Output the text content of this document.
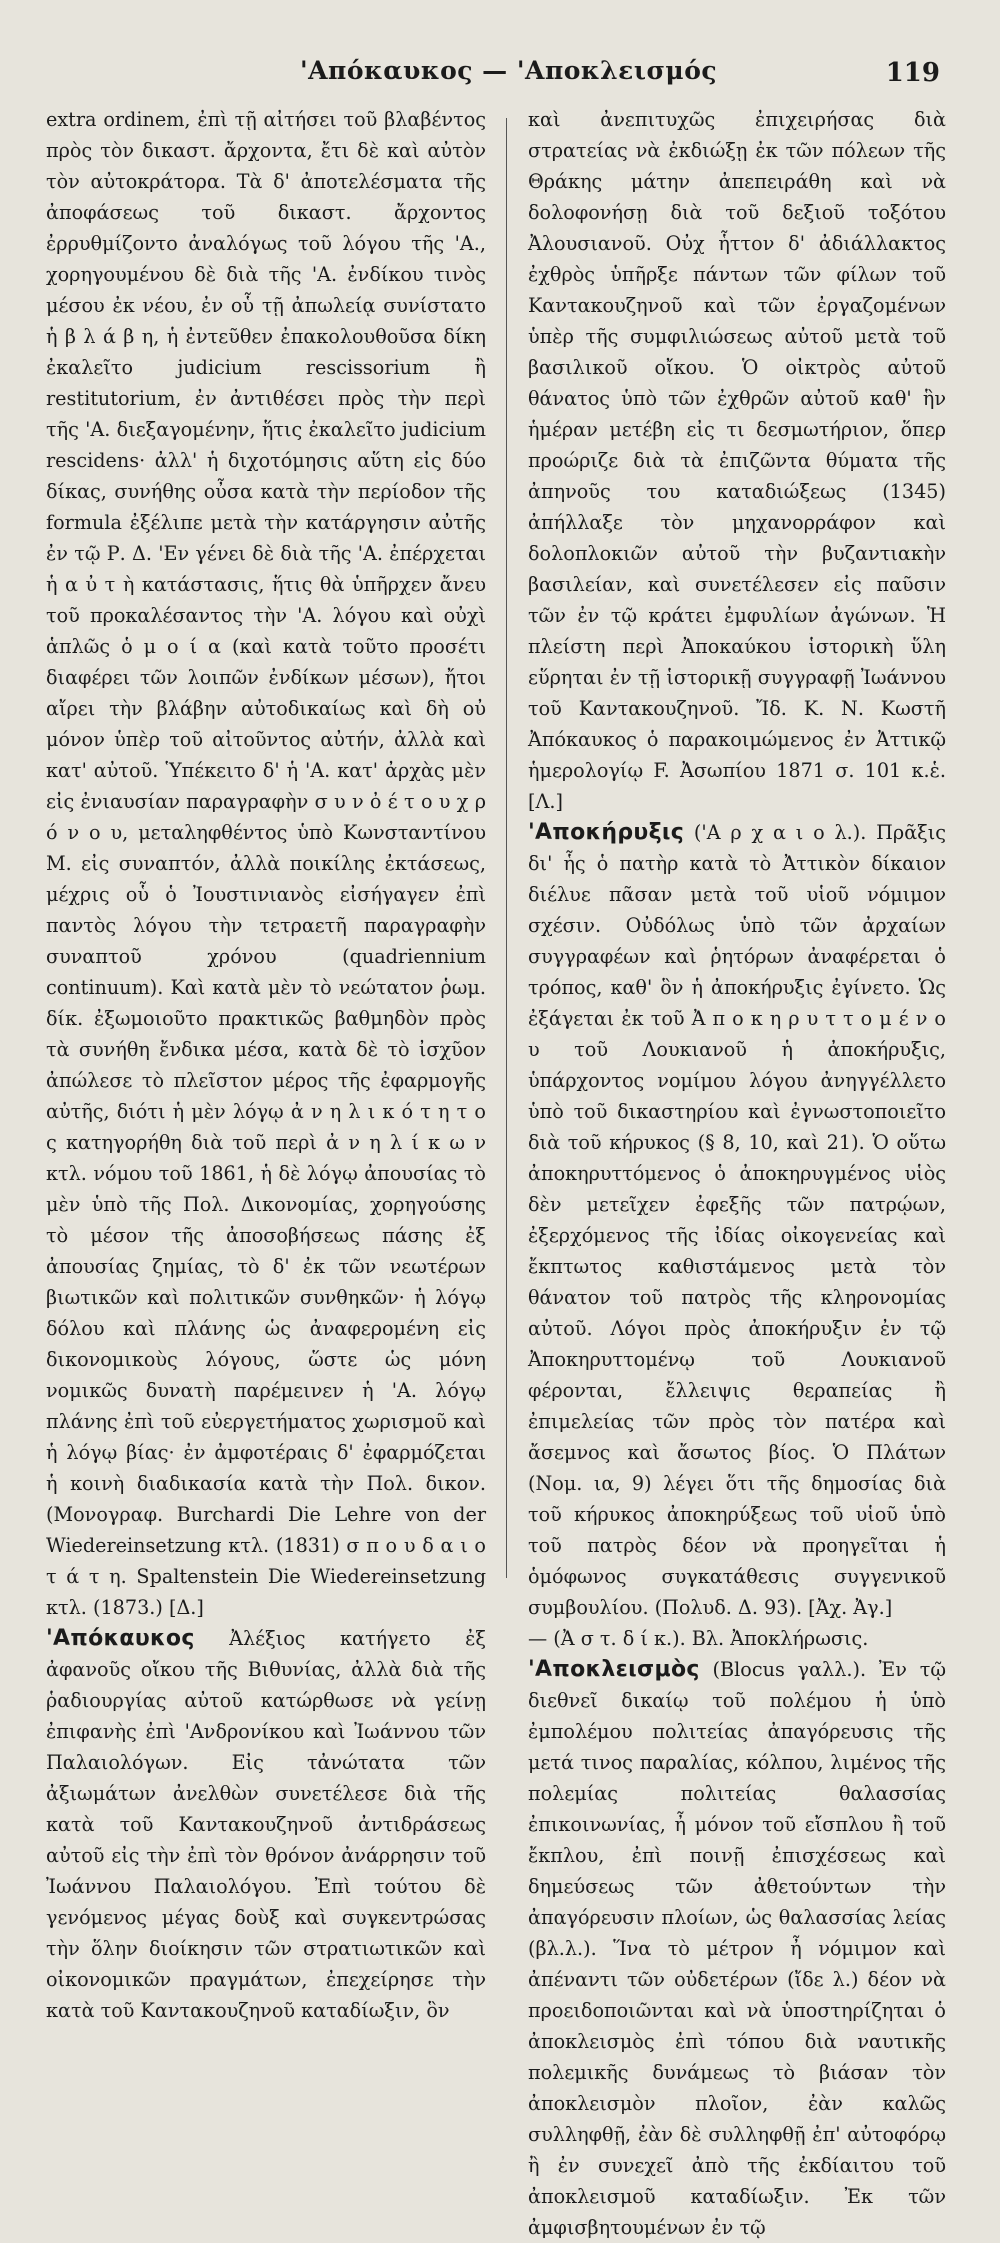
'Απόκαυκος — 'Αποκλεισμός	119

extra ordinem, ἐπὶ τῇ αἰτήσει τοῦ βλαβέντος πρὸς τὸν δικαστ. ἄρχοντα, ἔτι δὲ καὶ αὐτὸν τὸν αὐτοκράτορα. Τὰ δ' ἀποτελέσματα τῆς ἀποφάσεως τοῦ δικαστ. ἄρχοντος ἐρρυθμίζοντο ἀναλόγως τοῦ λόγου τῆς 'Α., χορηγουμένου δὲ διὰ τῆς 'Α. ἐνδίκου τινὸς μέσου ἐκ νέου, ἐν οὗ τῇ ἀπωλείᾳ συνίστατο ἡ β λ ά β η, ἡ ἐντεῦθεν ἐπακολουθοῦσα δίκη ἐκαλεῖτο judicium rescissorium ἢ restitutorium, ἐν ἀντιθέσει πρὸς τὴν περὶ τῆς 'Α. διεξαγομένην, ἥτις ἐκαλεῖτο judicium rescidens· ἀλλ' ἡ διχοτόμησις αὕτη εἰς δύο δίκας, συνήθης οὖσα κατὰ τὴν περίοδον τῆς formula ἐξέλιπε μετὰ τὴν κατάργησιν αὐτῆς ἐν τῷ Ρ. Δ. 'Εν γένει δὲ διὰ τῆς 'Α. ἐπέρχεται ἡ α ὐ τ ὴ κατάστασις, ἥτις θὰ ὑπῆρχεν ἄνευ τοῦ προκαλέσαντος τὴν 'Α. λόγου καὶ οὐχὶ ἁπλῶς ὁ μ ο ί α (καὶ κατὰ τοῦτο προσέτι διαφέρει τῶν λοιπῶν ἐνδίκων μέσων), ἤτοι αἴρει τὴν βλάβην αὐτοδικαίως καὶ δὴ οὐ μόνον ὑπὲρ τοῦ αἰτοῦντος αὐτήν, ἀλλὰ καὶ κατ' αὐτοῦ. Ὑπέκειτο δ' ἡ 'Α. κατ' ἀρχὰς μὲν εἰς ἐνιαυσίαν παραγραφὴν σ υ ν ὀ έ τ ο υ χ ρ ό ν ο υ, μεταληφθέντος ὑπὸ Κωνσταντίνου Μ. εἰς συναπτόν, ἀλλὰ ποικίλης ἐκτάσεως, μέχρις οὗ ὁ Ἰουστινιανὸς εἰσήγαγεν ἐπὶ παντὸς λόγου τὴν τετραετῆ παραγραφὴν συναπτοῦ χρόνου (quadriennium continuum). Καὶ κατὰ μὲν τὸ νεώτατον ῥωμ. δίκ. ἐξωμοιοῦτο πρακτικῶς βαθμηδὸν πρὸς τὰ συνήθη ἔνδικα μέσα, κατὰ δὲ τὸ ἰσχῦον ἀπώλεσε τὸ πλεῖστον μέρος τῆς ἐφαρμογῆς αὐτῆς, διότι ἡ μὲν λόγῳ ἀ ν η λ ι κ ό τ η τ ο ς κατηγορήθη διὰ τοῦ περὶ ἀ ν η λ ί κ ω ν κτλ. νόμου τοῦ 1861, ἡ δὲ λόγῳ ἀπουσίας τὸ μὲν ὑπὸ τῆς Πολ. Δικονομίας, χορηγούσης τὸ μέσον τῆς ἀποσοβήσεως πάσης ἐξ ἀπουσίας ζημίας, τὸ δ' ἐκ τῶν νεωτέρων βιωτικῶν καὶ πολιτικῶν συνθηκῶν· ἡ λόγῳ δόλου καὶ πλάνης ὡς ἀναφερομένη εἰς δικονομικοὺς λόγους, ὥστε ὡς μόνη νομικῶς δυνατὴ παρέμεινεν ἡ 'Α. λόγῳ πλάνης ἐπὶ τοῦ εὐεργετήματος χωρισμοῦ καὶ ἡ λόγῳ βίας· ἐν ἀμφοτέραις δ' ἐφαρμόζεται ἡ κοινὴ διαδικασία κατὰ τὴν Πολ. δικον. (Μονογραφ. Burchardi Die Lehre von der Wiedereinsetzung κτλ. (1831) σ π ο υ δ α ι ο τ ά τ η. Spaltenstein Die Wiedereinsetzung κτλ. (1873.) [Δ.]

'Απόκαυκος Ἀλέξιος κατήγετο ἐξ ἀφανοῦς οἴκου τῆς Βιθυνίας, ἀλλὰ διὰ τῆς ῥαδιουργίας αὐτοῦ κατώρθωσε νὰ γείνῃ ἐπιφανὴς ἐπὶ 'Ανδρονίκου καὶ Ἰωάννου τῶν Παλαιολόγων. Εἰς τἀνώτατα τῶν ἀξιωμάτων ἀνελθὼν συνετέλεσε διὰ τῆς κατὰ τοῦ Κανταкουζηνοῦ ἀντιδράσεως αὐτοῦ εἰς τὴν ἐπὶ τὸν θρόνον ἀνάρρησιν τοῦ Ἰωάννου Παλαιολόγου. Ἐπὶ τούτου δὲ γενόμενος μέγας δοὺξ καὶ συγκεντρώσας τὴν ὅλην διοίκησιν τῶν στρατιωτικῶν καὶ οἰκονομικῶν πραγμάτων, ἐπεχείρησε τὴν κατὰ τοῦ Κανταкουζηνοῦ καταδίωξιν, ὃν

καὶ ἀνεπιτυχῶς ἐπιχειρήσας διὰ στρατείας νὰ ἐκδιώξῃ ἐκ τῶν πόλεων τῆς Θράκης μάτην ἀπεπειράθη καὶ νὰ δολοφονήσῃ διὰ τοῦ δεξιοῦ τοξότου Ἀλουσιανοῦ. Οὐχ ἧττον δ' ἀδιάλλακτος ἐχθρὸς ὑπῆρξε πάντων τῶν φίλων τοῦ Κανταкουζηνοῦ καὶ τῶν ἐργαζομένων ὑπὲρ τῆς συμφιλιώσεως αὐτοῦ μετὰ τοῦ βασιλικοῦ οἴκου. Ὁ οἰκτρὸς αὐτοῦ θάνατος ὑπὸ τῶν ἐχθρῶν αὐτοῦ καθ' ἣν ἡμέραν μετέβη εἰς τι δεσμωτήριον, ὅπερ προώριζε διὰ τὰ ἐπιζῶντα θύματα τῆς ἀπηνοῦς του καταδιώξεως (1345) ἀπήλλαξε τὸν μηχανορράφον καὶ δολοπλοκιῶν αὐτοῦ τὴν βυζαντιακὴν βασιλείαν, καὶ συνετέλεσεν εἰς παῦσιν τῶν ἐν τῷ κράτει ἐμφυλίων ἀγώνων. Ἡ πλείστη περὶ Ἀποκαύκου ἱστορικὴ ὕλη εὕρηται ἐν τῇ ἱστορικῇ συγγραφῇ Ἰωάννου τοῦ Κανταкουζηνοῦ. Ἴδ. Κ. Ν. Κωστῆ Ἀπόκαυκος ὁ παρακοιμώμενος ἐν Ἀττικῷ ἡμερολογίῳ F. Ἀσωπίου 1871 σ. 101 κ.ἑ. [Λ.]

'Αποκήρυξις ('Α ρ χ α ι ο λ.). Πρᾶξις δι' ἧς ὁ πατὴρ κατὰ τὸ Ἀττικὸν δίκαιον διέλυε πᾶσαν μετὰ τοῦ υἱοῦ νόμιμον σχέσιν. Οὐδόλως ὑπὸ τῶν ἀρχαίων συγγραφέων καὶ ῥητόρων ἀναφέρεται ὁ τρόπος, καθ' ὃν ἡ ἀποκήρυξις ἐγίνετο. Ὡς ἐξάγεται ἐκ τοῦ Ἀ π ο κ η ρ υ τ τ ο μ έ ν ο υ τοῦ Λουκιανοῦ ἡ ἀποκήρυξις, ὑπάρχοντος νομίμου λόγου ἀνηγγέλλετο ὑπὸ τοῦ δικαστηρίου καὶ ἐγνωστοποιεῖτο διὰ τοῦ κήρυκος (§ 8, 10, καὶ 21). Ὁ οὕτω ἀποκηρυττόμενος ὁ ἀποκηρυγμένος υἱὸς δὲν μετεῖχεν ἐφεξῆς τῶν πατρῴων, ἐξερχόμενος τῆς ἰδίας οἰκογενείας καὶ ἔκπτωτος καθιστάμενος μετὰ τὸν θάνατον τοῦ πατρὸς τῆς κληρονομίας αὐτοῦ. Λόγοι πρὸς ἀποκήρυξιν ἐν τῷ Ἀποκηρυττομένῳ τοῦ Λουκιανοῦ φέρονται, ἔλλειψις θεραπείας ἢ ἐπιμελείας τῶν πρὸς τὸν πατέρα καὶ ἄσεμνος καὶ ἄσωτος βίος. Ὁ Πλάτων (Νομ. ια, 9) λέγει ὅτι τῆς δημοσίας διὰ τοῦ κήρυκος ἀποκηρύξεως τοῦ υἱοῦ ὑπὸ τοῦ πατρὸς δέον νὰ προηγεῖται ἡ ὁμόφωνος συγκατάθεσις συγγενικοῦ συμβουλίου. (Πολυδ. Δ. 93). [Ἀχ. Ἀγ.]

— (Ἀ σ τ. δ ί κ.). Βλ. Ἀποκλήρωσις.

'Αποκλεισμὸς (Blocus γαλλ.). Ἐν τῷ διεθνεῖ δικαίῳ τοῦ πολέμου ἡ ὑπὸ ἐμπολέμου πολιτείας ἀπαγόρευσις τῆς μετά τινος παραλίας, κόλπου, λιμένος τῆς πολεμίας πολιτείας θαλασσίας ἐπικοινωνίας, ἦ μόνον τοῦ εἴσπλου ἢ τοῦ ἔκπλου, ἐπὶ ποινῇ ἐπισχέσεως καὶ δημεύσεως τῶν ἀθετούντων τὴν ἀπαγόρευσιν πλοίων, ὡς θαλασσίας λείας (βλ.λ.). Ἵνα τὸ μέτρον ἦ νόμιμον καὶ ἀπέναντι τῶν οὐδετέρων (ἴδε λ.) δέον νὰ προειδοποιῶνται καὶ νὰ ὑποστηρίζηται ὁ ἀποκλεισμὸς ἐπὶ τόπου διὰ ναυτικῆς πολεμικῆς δυνάμεως τὸ βιάσαν τὸν ἀποκλεισμὸν πλοῖον, ἐὰν καλῶς συλληφθῇ, ἐὰν δὲ συλληφθῇ ἐπ' αὐτοφόρῳ ἢ ἐν συνεχεῖ ἀπὸ τῆς ἐκδίαιτου τοῦ ἀποκλεισμοῦ καταδίωξιν. Ἐκ τῶν ἀμφισβητουμένων ἐν τῷ
